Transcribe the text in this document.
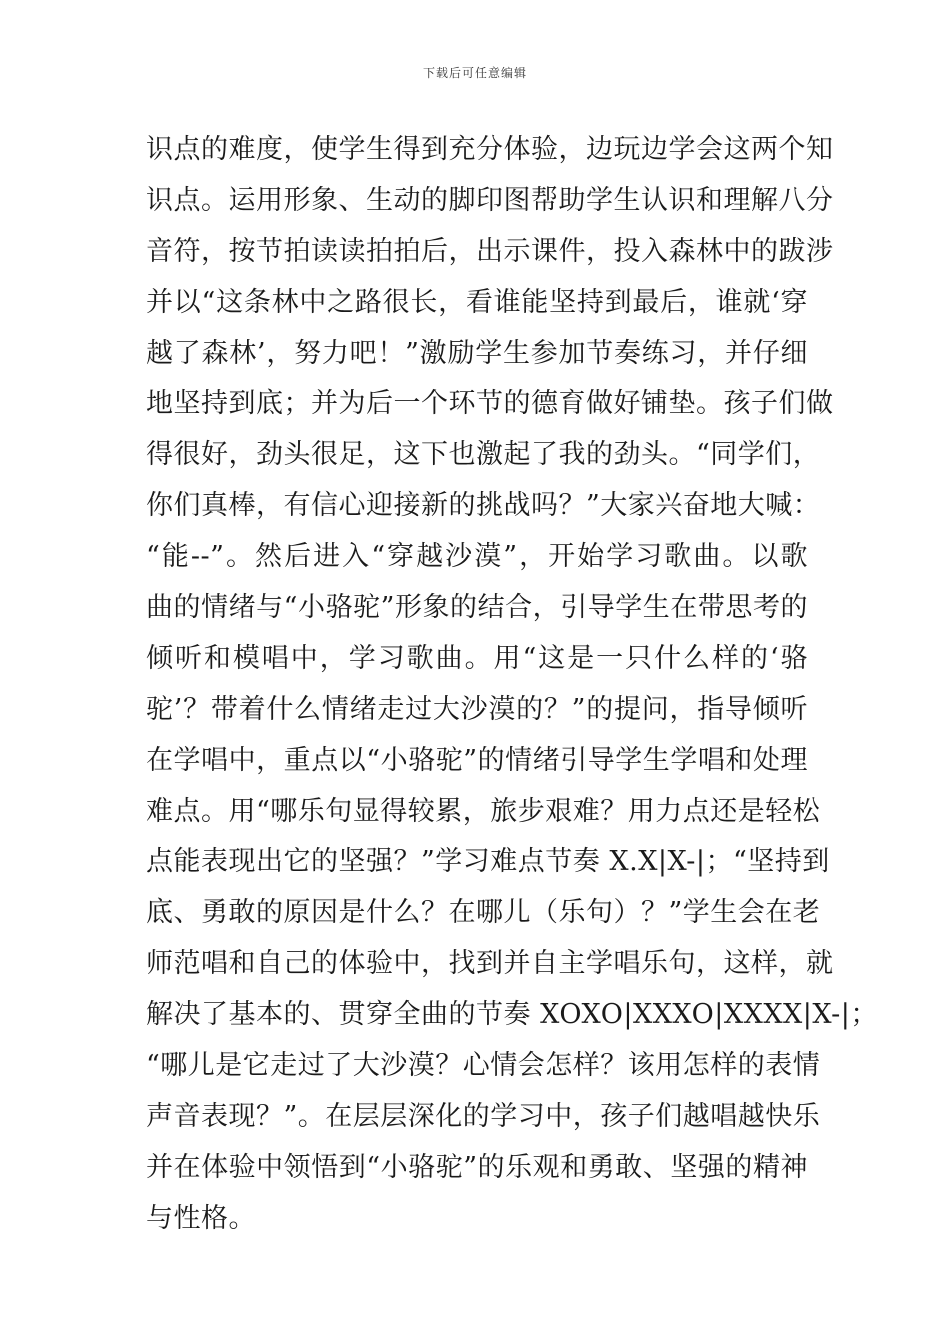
下载后可任意编辑
识点的难度，使学生得到充分体验，边玩边学会这两个知
识点。运用形象、生动的脚印图帮助学生认识和理解八分
音符，按节拍读读拍拍后，出示课件，投入森林中的跋涉
并以“这条林中之路很长，看谁能坚持到最后，谁就‘穿
越了森林’，努力吧！”激励学生参加节奏练习，并仔细
地坚持到底；并为后一个环节的德育做好铺垫。孩子们做
得很好，劲头很足，这下也激起了我的劲头。“同学们，
你们真棒，有信心迎接新的挑战吗？”大家兴奋地大喊：
“能--”。然后进入“穿越沙漠”，开始学习歌曲。以歌
曲的情绪与“小骆驼”形象的结合，引导学生在带思考的
倾听和模唱中，学习歌曲。用“这是一只什么样的‘骆
驼’？带着什么情绪走过大沙漠的？”的提问，指导倾听
在学唱中，重点以“小骆驼”的情绪引导学生学唱和处理
难点。用“哪乐句显得较累，旅步艰难？用力点还是轻松
点能表现出它的坚强？”学习难点节奏 X.X|X-|；“坚持到
底、勇敢的原因是什么？在哪儿（乐句）？”学生会在老
师范唱和自己的体验中，找到并自主学唱乐句，这样，就
解决了基本的、贯穿全曲的节奏 XOXO|XXXO|XXXX|X-|；
“哪儿是它走过了大沙漠？心情会怎样？该用怎样的表情
声音表现？”。在层层深化的学习中，孩子们越唱越快乐
并在体验中领悟到“小骆驼”的乐观和勇敢、坚强的精神
与性格。
